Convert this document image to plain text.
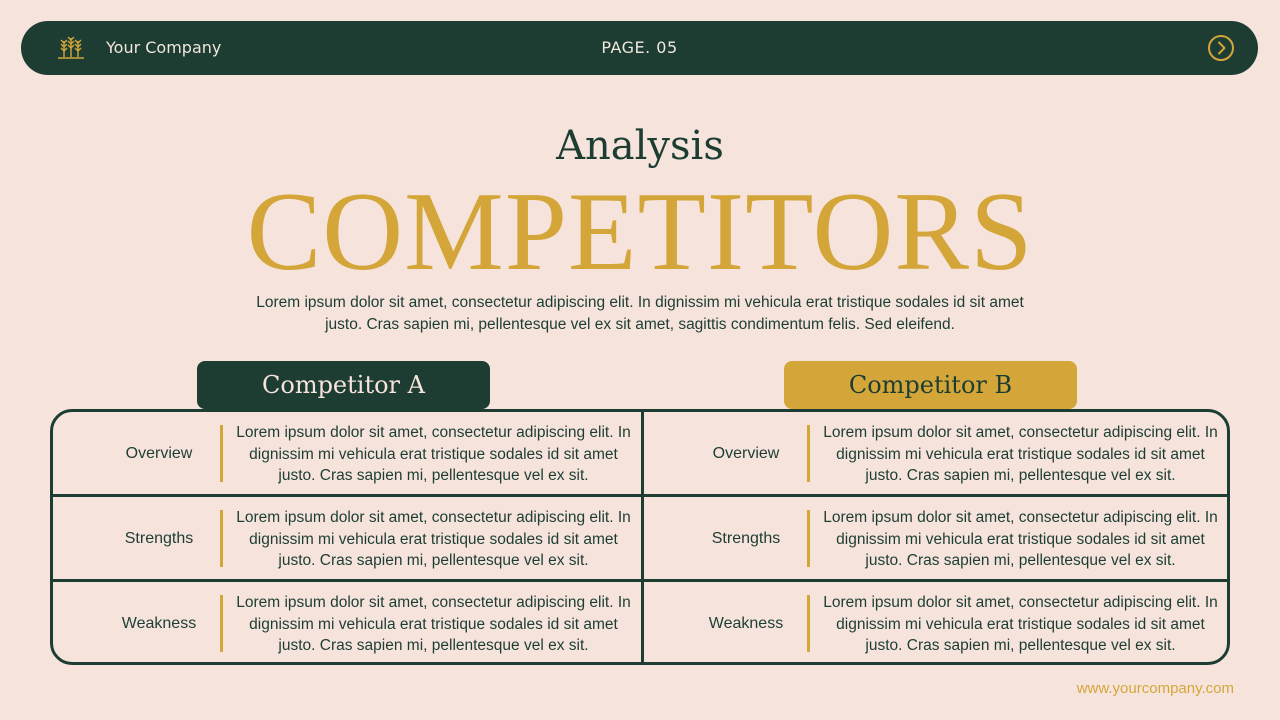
Your Company	PAGE. 05
Analysis
COMPETITORS
Lorem ipsum dolor sit amet, consectetur adipiscing elit. In dignissim mi vehicula erat tristique sodales id sit amet justo. Cras sapien mi, pellentesque vel ex sit amet, sagittis condimentum felis. Sed eleifend.
Competitor A	Competitor B
Overview
Lorem ipsum dolor sit amet, consectetur adipiscing elit. In dignissim mi vehicula erat tristique sodales id sit amet justo. Cras sapien mi, pellentesque vel ex sit.
Strengths
Lorem ipsum dolor sit amet, consectetur adipiscing elit. In dignissim mi vehicula erat tristique sodales id sit amet justo. Cras sapien mi, pellentesque vel ex sit.
Weakness
Lorem ipsum dolor sit amet, consectetur adipiscing elit. In dignissim mi vehicula erat tristique sodales id sit amet justo. Cras sapien mi, pellentesque vel ex sit.
Overview
Lorem ipsum dolor sit amet, consectetur adipiscing elit. In dignissim mi vehicula erat tristique sodales id sit amet justo. Cras sapien mi, pellentesque vel ex sit.
Strengths
Lorem ipsum dolor sit amet, consectetur adipiscing elit. In dignissim mi vehicula erat tristique sodales id sit amet justo. Cras sapien mi, pellentesque vel ex sit.
Weakness
Lorem ipsum dolor sit amet, consectetur adipiscing elit. In dignissim mi vehicula erat tristique sodales id sit amet justo. Cras sapien mi, pellentesque vel ex sit.
www.yourcompany.com
